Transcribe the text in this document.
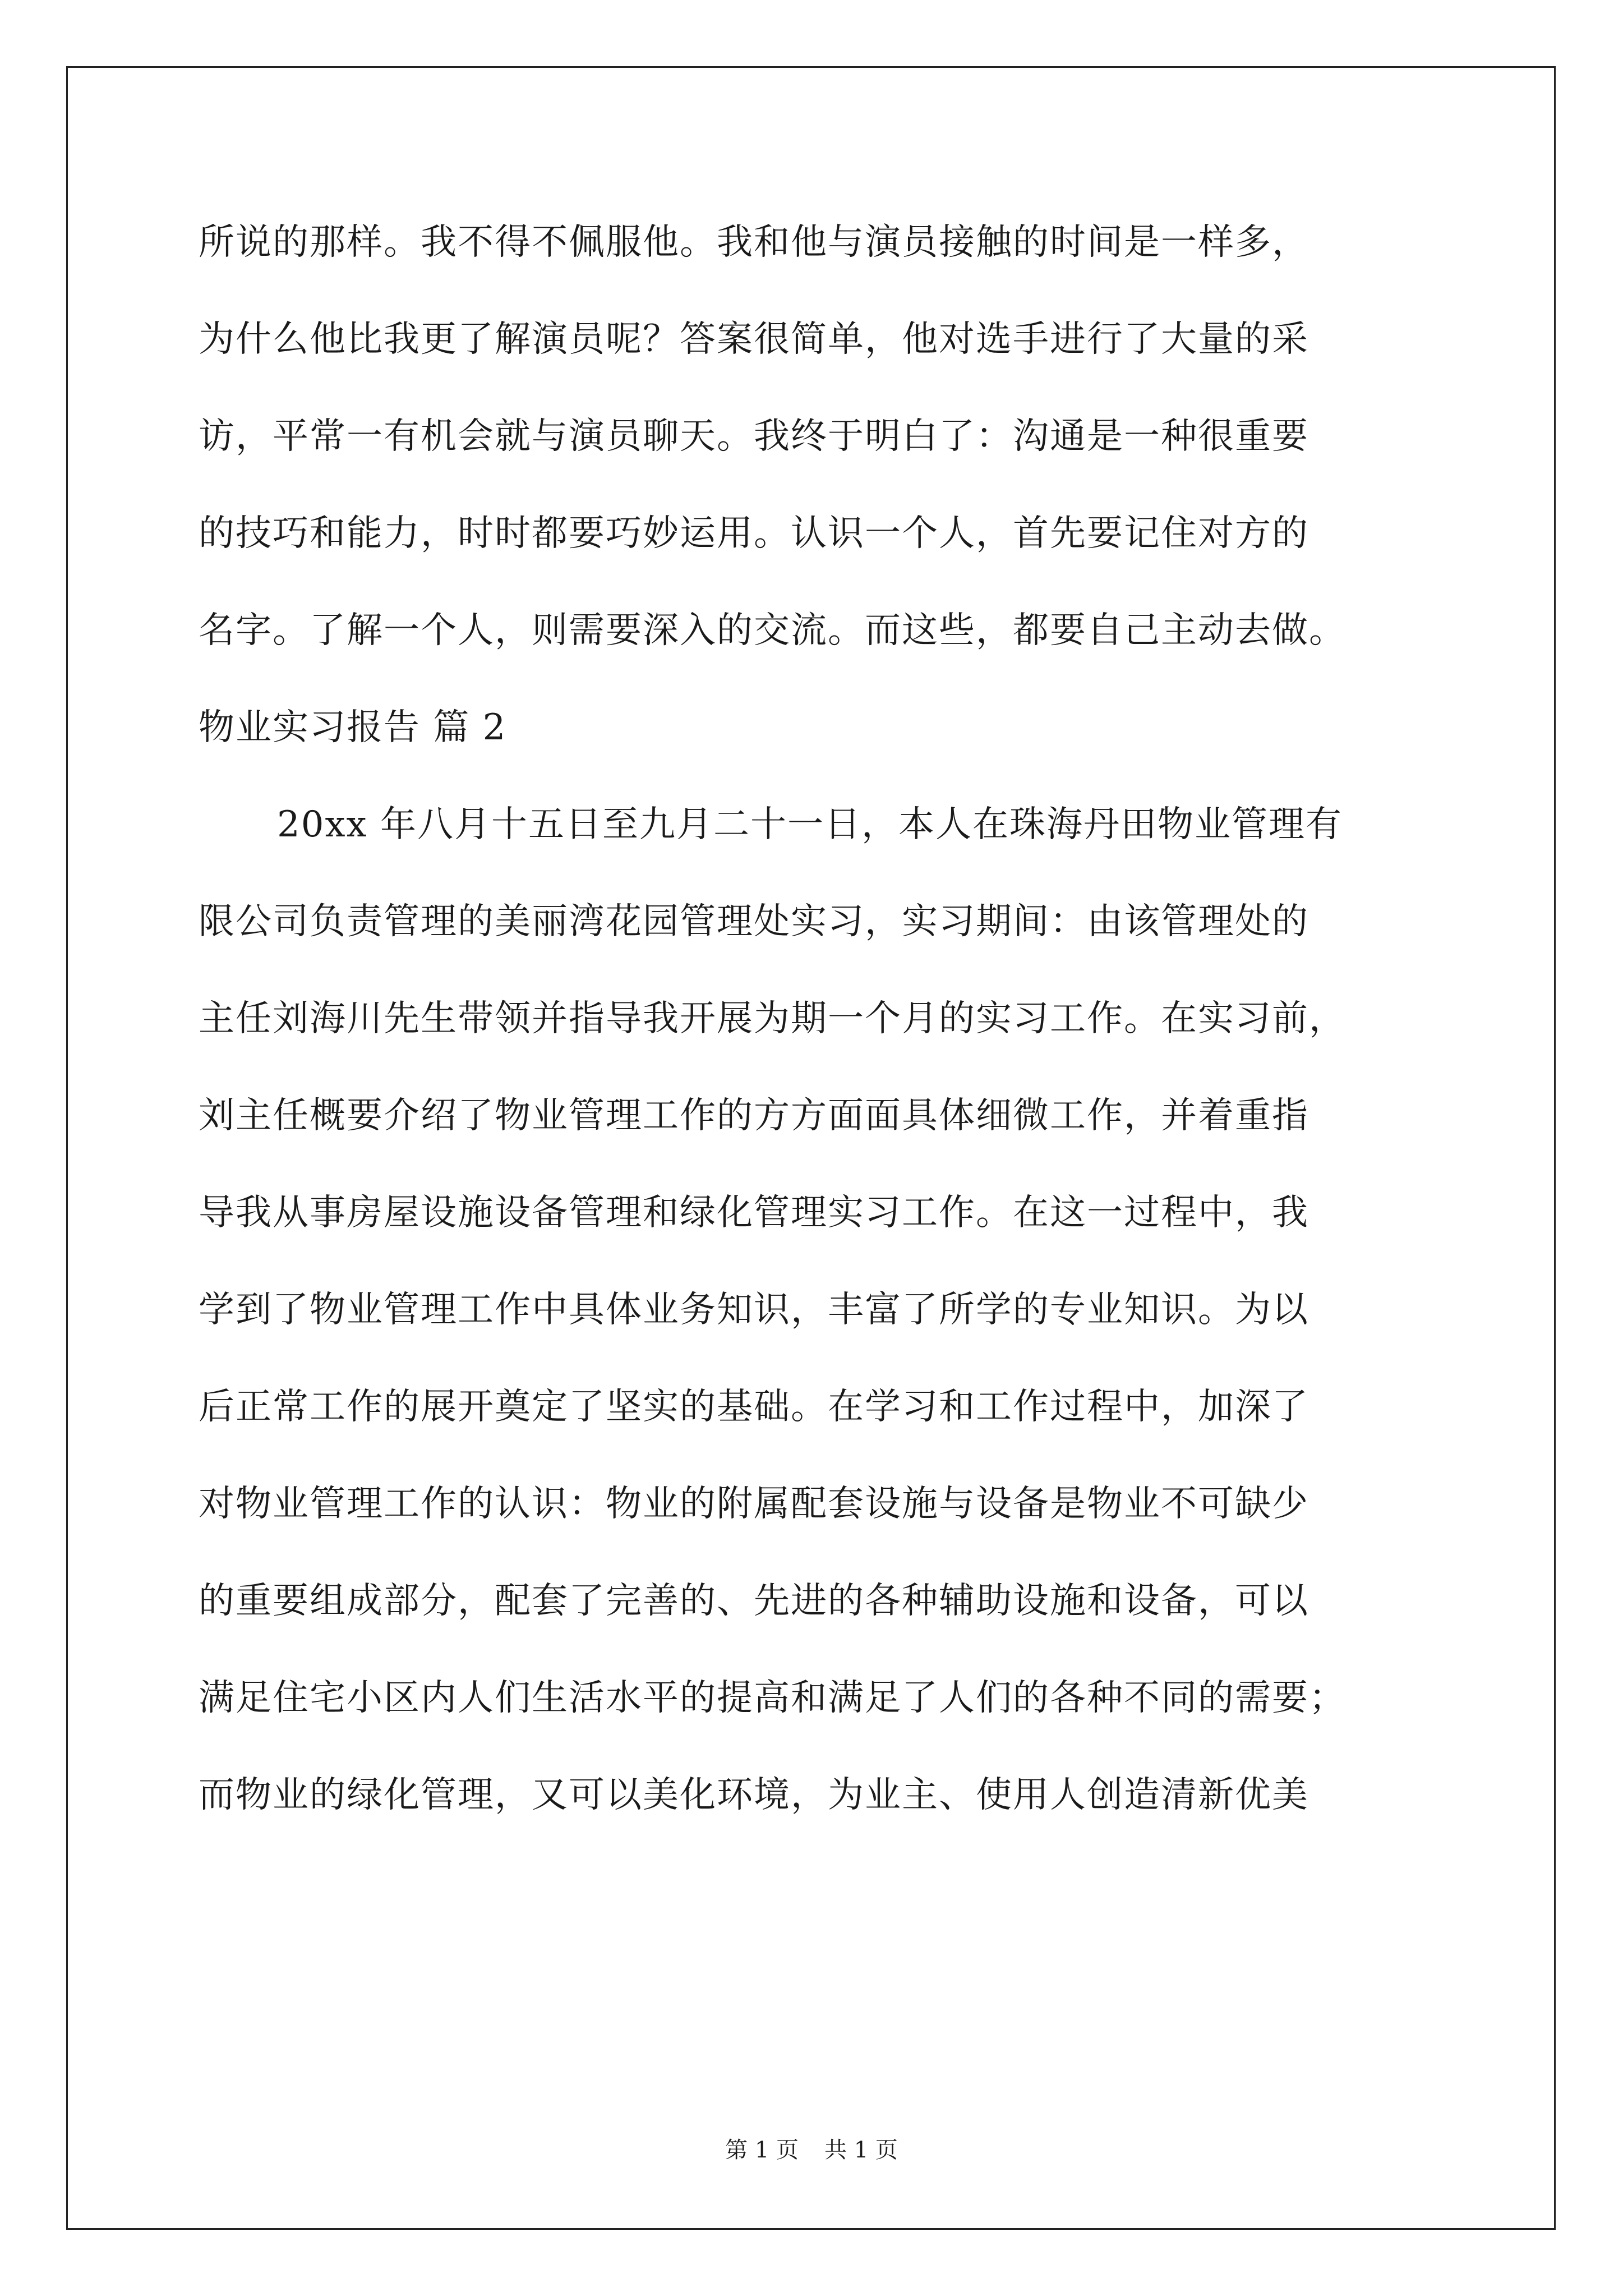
所说的那样。我不得不佩服他。我和他与演员接触的时间是一样多，
为什么他比我更了解演员呢？答案很简单，他对选手进行了大量的采
访，平常一有机会就与演员聊天。我终于明白了：沟通是一种很重要
的技巧和能力，时时都要巧妙运用。认识一个人，首先要记住对方的
名字。了解一个人，则需要深入的交流。而这些，都要自己主动去做。
物业实习报告 篇 2
20xx 年八月十五日至九月二十一日，本人在珠海丹田物业管理有
限公司负责管理的美丽湾花园管理处实习，实习期间：由该管理处的
主任刘海川先生带领并指导我开展为期一个月的实习工作。在实习前，
刘主任概要介绍了物业管理工作的方方面面具体细微工作，并着重指
导我从事房屋设施设备管理和绿化管理实习工作。在这一过程中，我
学到了物业管理工作中具体业务知识，丰富了所学的专业知识。为以
后正常工作的展开奠定了坚实的基础。在学习和工作过程中，加深了
对物业管理工作的认识：物业的附属配套设施与设备是物业不可缺少
的重要组成部分，配套了完善的、先进的各种辅助设施和设备，可以
满足住宅小区内人们生活水平的提高和满足了人们的各种不同的需要；
而物业的绿化管理，又可以美化环境，为业主、使用人创造清新优美
第 1 页 共 1 页
